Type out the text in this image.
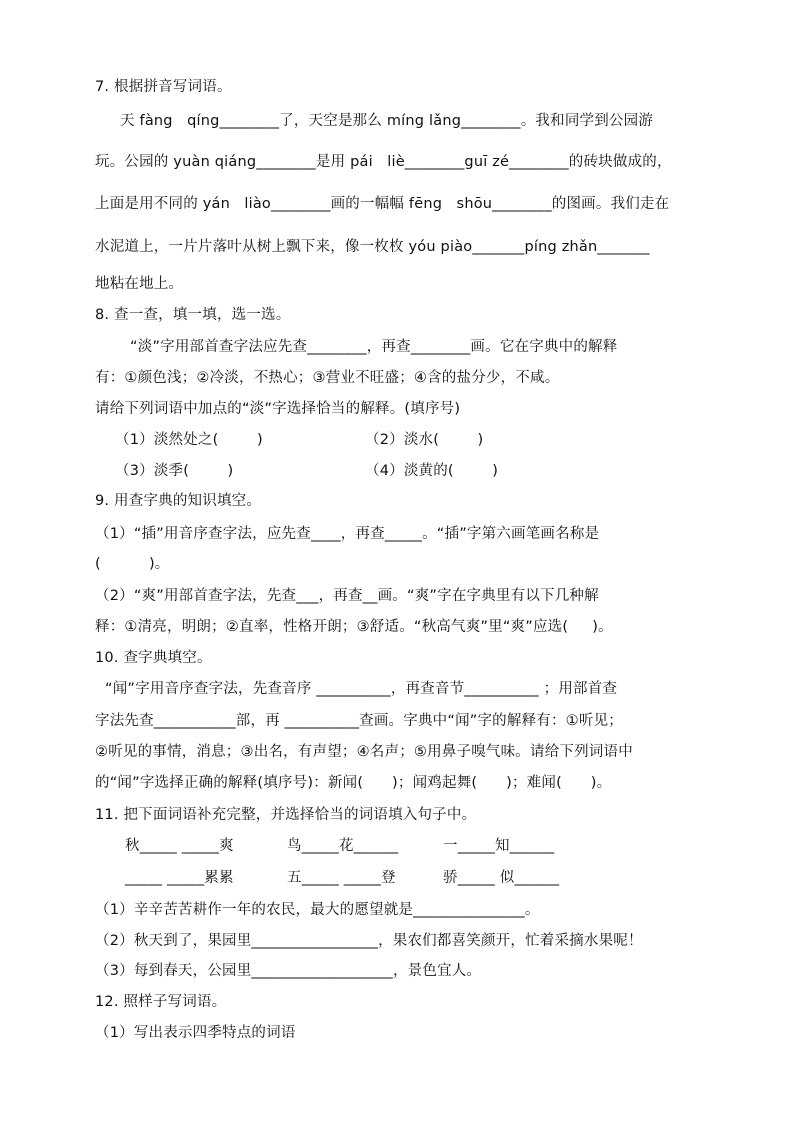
7. 根据拼音写词语。
天 fàng   qíng________了，天空是那么 míng lǎng________。我和同学到公园游
玩。公园的 yuàn qiáng________是用 pái   liè________guī zé________的砖块做成的，
上面是用不同的 yán   liào________画的一幅幅 fēng   shōu________的图画。我们走在
水泥道上，一片片落叶从树上飘下来，像一枚枚 yóu piào_______píng zhǎn_______
地粘在地上。
8. 查一查，填一填，选一选。
“淡”字用部首查字法应先查________，再查________画。它在字典中的解释
有：①颜色浅；②冷淡，不热心；③营业不旺盛；④含的盐分少，不咸。
请给下列词语中加点的“淡”字选择恰当的解释。(填序号)
（1）淡然处之(        )	（2）淡水(        )
（3）淡季(        )	（4）淡黄的(        )
9. 用查字典的知识填空。
（1）“插”用音序查字法，应先查____，再查_____。“插”字第六画笔画名称是
(          )。
（2）“爽”用部首查字法，先查___，再查__画。“爽”字在字典里有以下几种解
释：①清亮，明朗；②直率，性格开朗；③舒适。“秋高气爽”里“爽”应选(     )。
10. 查字典填空。
“闻”字用音序查字法，先查音序 __________，再查音节__________ ；用部首查
字法先查___________部，再 __________查画。字典中“闻”字的解释有：①听见；
②听见的事情，消息；③出名，有声望；④名声；⑤用鼻子嗅气味。请给下列词语中
的“闻”字选择正确的解释(填序号)：新闻(      )；闻鸡起舞(      )；难闻(      )。
11. 把下面词语补充完整，并选择恰当的词语填入句子中。
秋_____ _____爽	鸟_____花______	一_____知______
_____ _____累累	五_____ _____登	骄_____ 似______
（1）辛辛苦苦耕作一年的农民，最大的愿望就是_______________。
（2）秋天到了，果园里_________________，果农们都喜笑颜开，忙着采摘水果呢！
（3）每到春天，公园里___________________，景色宜人。
12. 照样子写词语。
（1）写出表示四季特点的词语
